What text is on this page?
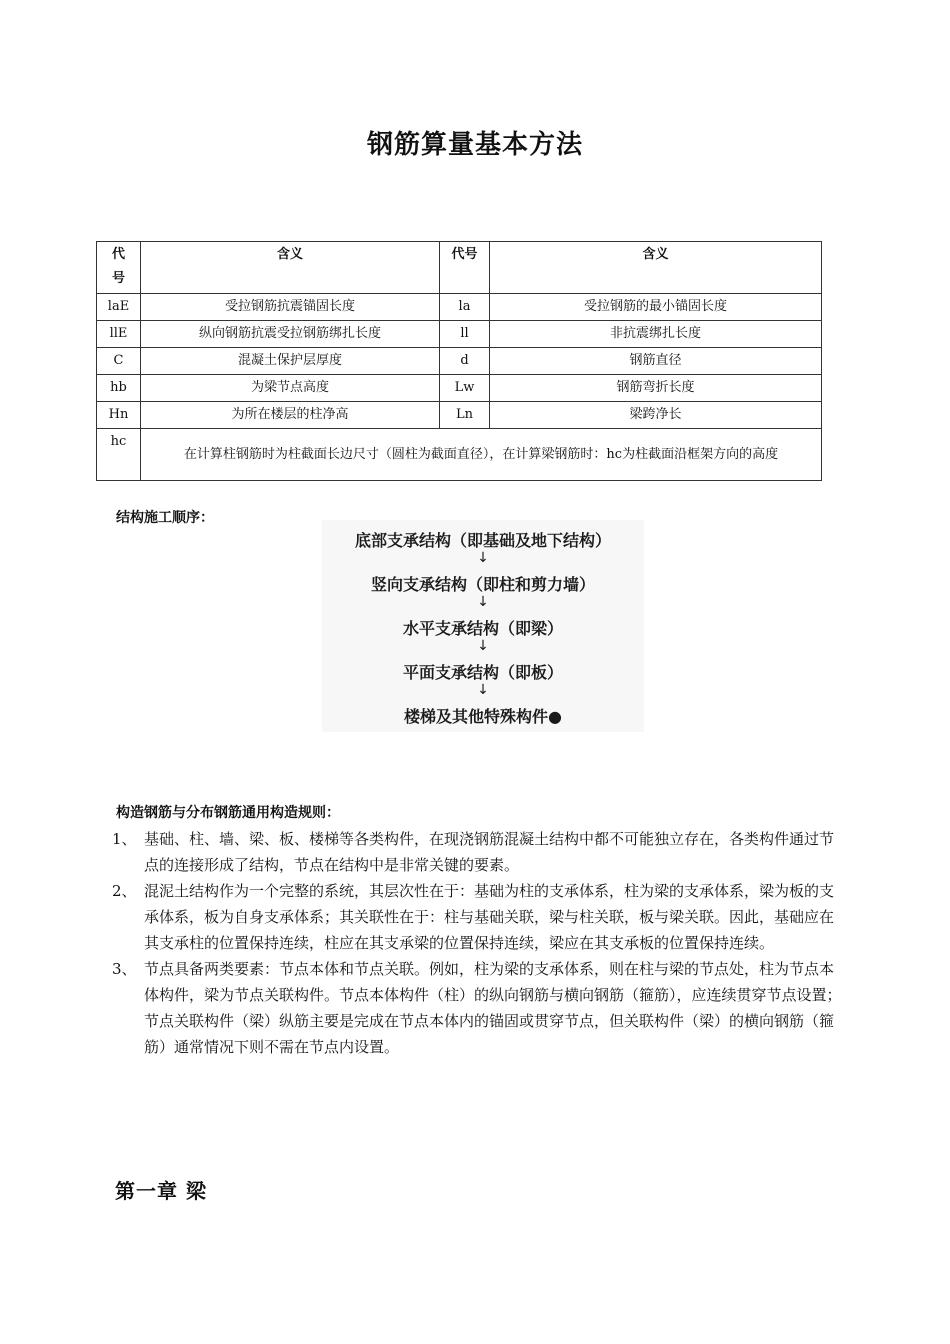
钢筋算量基本方法
代号	含义	代号	含义
laE	受拉钢筋抗震锚固长度	la	受拉钢筋的最小锚固长度
llE	纵向钢筋抗震受拉钢筋绑扎长度	ll	非抗震绑扎长度
C	混凝土保护层厚度	d	钢筋直径
hb	为梁节点高度	Lw	钢筋弯折长度
Hn	为所在楼层的柱净高	Ln	梁跨净长
hc	在计算柱钢筋时为柱截面长边尺寸（圆柱为截面直径），在计算梁钢筋时：hc为柱截面沿框架方向的高度		
结构施工顺序：
底部支承结构（即基础及地下结构）
↓
竖向支承结构（即柱和剪力墙）
↓
水平支承结构（即梁）
↓
平面支承结构（即板）
↓
楼梯及其他特殊构件●
构造钢筋与分布钢筋通用构造规则：
1、 基础、柱、墙、梁、板、楼梯等各类构件，在现浇钢筋混凝土结构中都不可能独立存在，各类构件通过节点的连接形成了结构，节点在结构中是非常关键的要素。
2、 混泥土结构作为一个完整的系统，其层次性在于：基础为柱的支承体系，柱为梁的支承体系，梁为板的支承体系，板为自身支承体系；其关联性在于：柱与基础关联，梁与柱关联，板与梁关联。因此，基础应在其支承柱的位置保持连续，柱应在其支承梁的位置保持连续，梁应在其支承板的位置保持连续。
3、 节点具备两类要素：节点本体和节点关联。例如，柱为梁的支承体系，则在柱与梁的节点处，柱为节点本体构件，梁为节点关联构件。节点本体构件（柱）的纵向钢筋与横向钢筋（箍筋），应连续贯穿节点设置；节点关联构件（梁）纵筋主要是完成在节点本体内的锚固或贯穿节点，但关联构件（梁）的横向钢筋（箍筋）通常情况下则不需在节点内设置。
第一章 梁
